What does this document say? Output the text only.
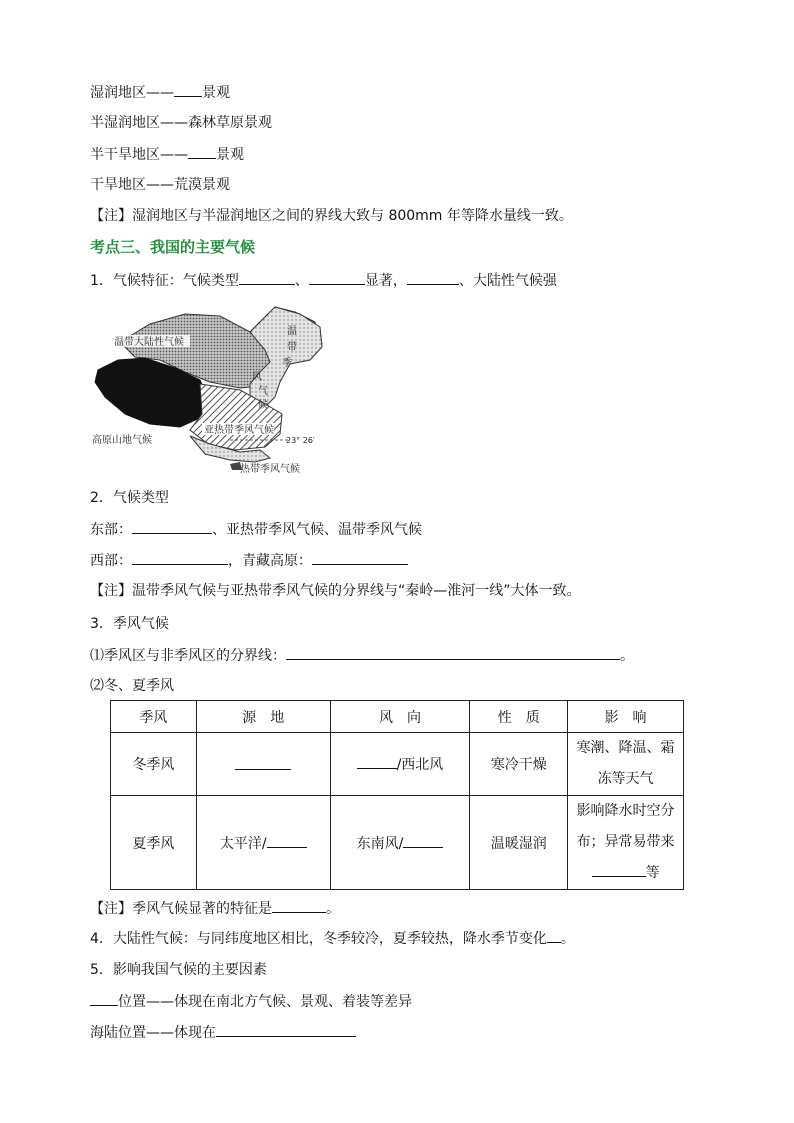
湿润地区—— 景观
半湿润地区——森林草原景观
半干旱地区—— 景观
干旱地区——荒漠景观
【注】湿润地区与半湿润地区之间的界线大致与 800mm 年等降水量线一致。
考点三、我国的主要气候
1．气候特征：气候类型	、	显著，	、大陆性气候强
温带大陆性气候
温
带
季
风
气
候
亚热带季风气候
高原山地气候	23° 26′
热带季风气候
2．气候类型
东部：	、亚热带季风气候、温带季风气候
西部：	，青藏高原：
【注】温带季风气候与亚热带季风气候的分界线与“秦岭—淮河一线”大体一致。
3．季风气候
⑴季风区与非季风区的分界线：	。
⑵冬、夏季风
季风	源　地	风　向	性　质	影　响
冬季风		/西北风	寒冷干燥	寒潮、降温、霜
冻等天气

夏季风	太平洋/	东南风/	温暖湿润	影响降水时空分
布；异常易带来
等
【注】季风气候显著的特征是	。
4．大陆性气候：与同纬度地区相比，冬季较冷，夏季较热，降水季节变化 。
5．影响我国气候的主要因素
位置——体现在南北方气候、景观、着装等差异
海陆位置——体现在
